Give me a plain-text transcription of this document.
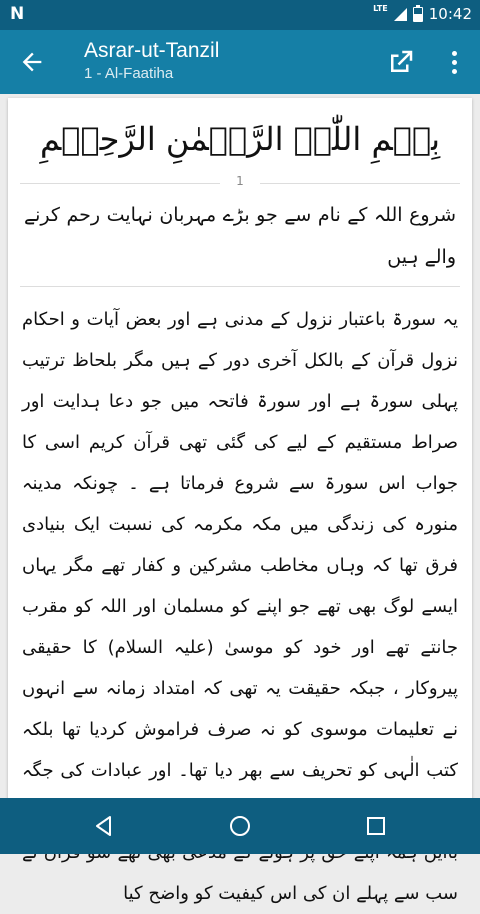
N	LTE	10:42
Asrar-ut-Tanzil
1 - Al-Faatiha
بِسۡمِ اللّٰہِ الرَّحۡمٰنِ الرَّحِیۡمِ
1
شروع اللہ کے نام سے جو بڑے مہربان نہایت رحم کرنے والے ہیں
یہ سورۃ باعتبار نزول کے مدنی ہے اور بعض آیات و احکام نزول قرآن کے بالکل آخری دور کے ہیں مگر بلحاظ ترتیب پہلی سورۃ ہے اور سورۃ فاتحہ میں جو دعا ہدایت اور صراط مستقیم کے لیے کی گئی تھی قرآن کریم اسی کا جواب اس سورۃ سے شروع فرماتا ہے ۔ چونکہ مدینہ منورہ کی زندگی میں مکہ مکرمہ کی نسبت ایک بنیادی فرق تھا کہ وہاں مخاطب مشرکین و کفار تھے مگر یہاں ایسے لوگ بھی تھے جو اپنے کو مسلمان اور اللہ کو مقرب جانتے تھے اور خود کو موسیٰ (علیہ السلام) کا حقیقی پیروکار ، جبکہ حقیقت یہ تھی کہ امتداد زمانہ سے انہوں نے تعلیمات موسوی کو نہ صرف فراموش کردیا تھا بلکہ کتب الٰہی کو تحریف سے بھر دیا تھا۔ اور عبادات کی جگہ سب سے پہلے ان کی اس کیفیت کو واضح کیا
